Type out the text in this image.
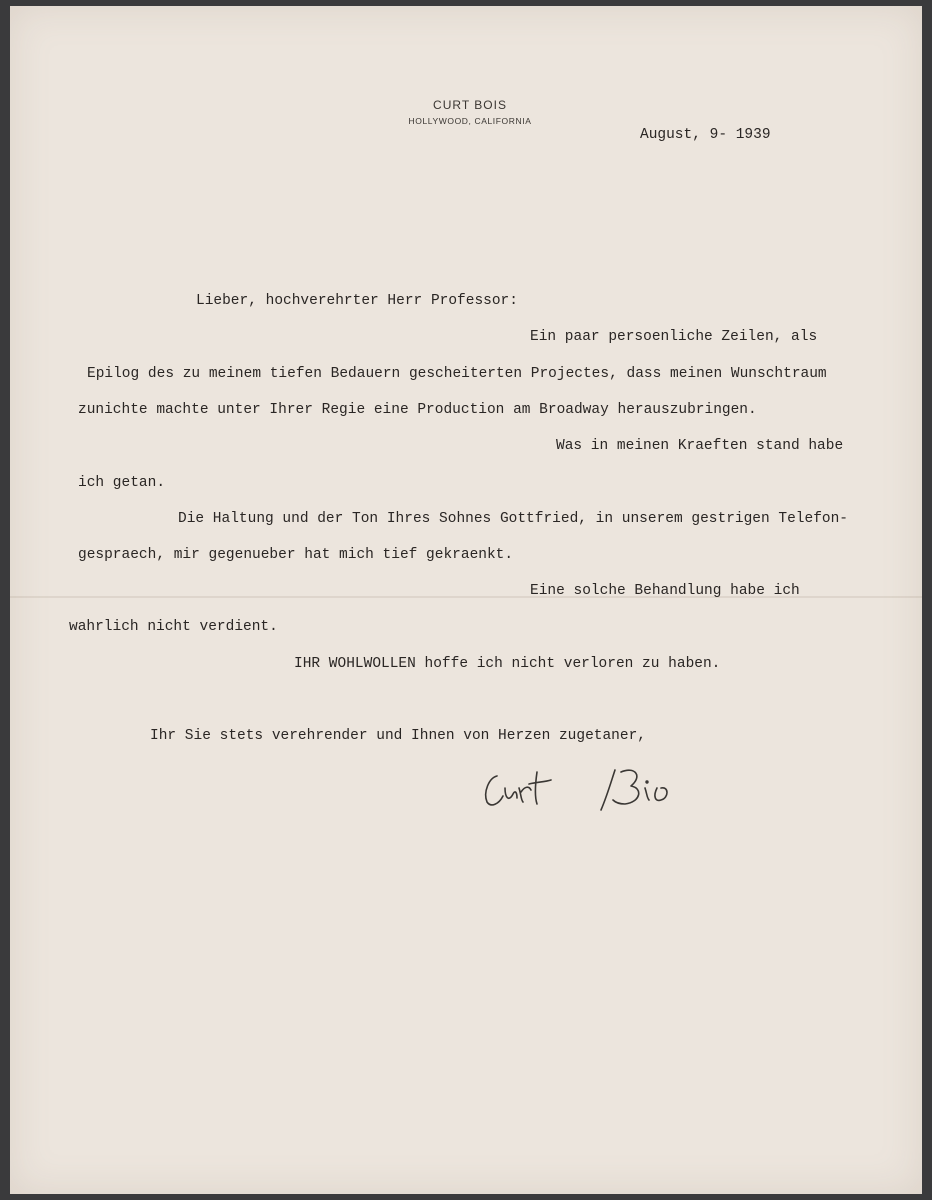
CURT BOIS
HOLLYWOOD, CALIFORNIA
August, 9- 1939
Lieber, hochverehrter Herr Professor:
Ein paar persoenliche Zeilen, als
Epilog des zu meinem tiefen Bedauern gescheiterten Projectes, dass meinen Wunschtraum
zunichte machte unter Ihrer Regie eine Production am Broadway herauszubringen.
Was in meinen Kraeften stand habe
ich getan.
Die Haltung und der Ton Ihres Sohnes Gottfried, in unserem gestrigen Telefon-
gespraech, mir gegenueber hat mich tief gekraenkt.
Eine solche Behandlung habe ich
wahrlich nicht verdient.
IHR WOHLWOLLEN hoffe ich nicht verloren zu haben.
Ihr Sie stets verehrender und Ihnen von Herzen zugetaner,
